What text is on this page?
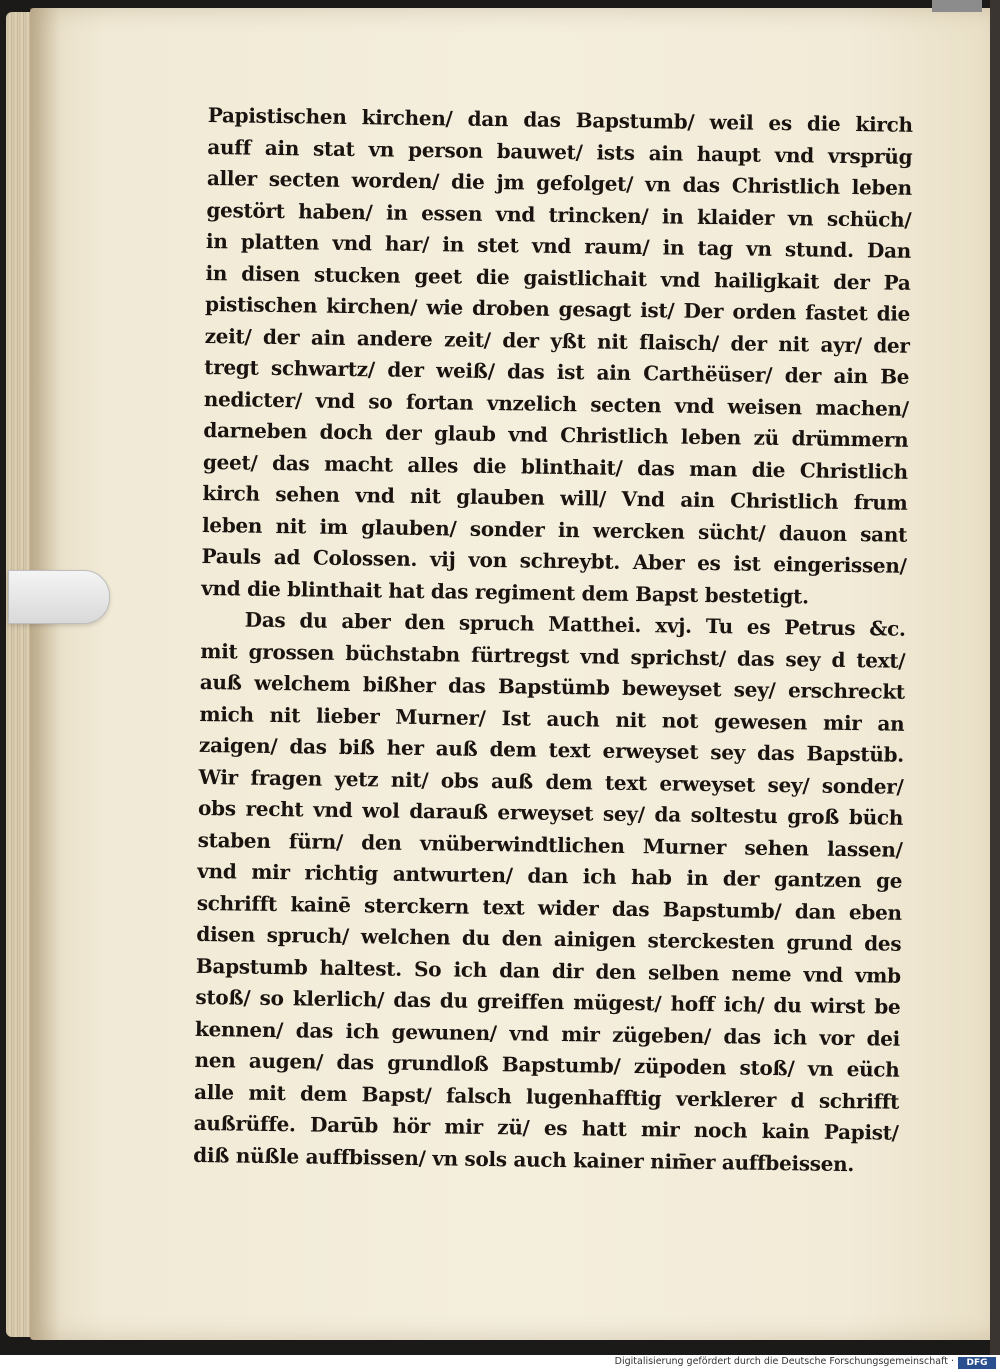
Papistischen kirchen/ dan das Bapstumb/ weil es die kirch
auff ain stat vn person bauwet/ ists ain haupt vnd vrsprüg
aller secten worden/ die jm gefolget/ vn das Christlich leben
gestört haben/ in essen vnd trincken/ in klaider vn schüch/
in platten vnd har/ in stet vnd raum/ in tag vn stund. Dan
in disen stucken geet die gaistlichait vnd hailigkait der Pa
pistischen kirchen/ wie droben gesagt ist/ Der orden fastet die
zeit/ der ain andere zeit/ der yßt nit flaisch/ der nit ayr/ der
tregt schwartz/ der weiß/ das ist ain Carthëüser/ der ain Be
nedicter/ vnd so fortan vnzelich secten vnd weisen machen/
darneben doch der glaub vnd Christlich leben zü drümmern
geet/ das macht alles die blinthait/ das man die Christlich
kirch sehen vnd nit glauben will/ Vnd ain Christlich frum
leben nit im glauben/ sonder in wercken sücht/ dauon sant
Pauls ad Colossen. vij von schreybt. Aber es ist eingerissen/
vnd die blinthait hat das regiment dem Bapst bestetigt.
Das du aber den spruch Matthei. xvj. Tu es Petrus &c.
mit grossen büchstabn fürtregst vnd sprichst/ das sey d text/
auß welchem bißher das Bapstümb beweyset sey/ erschreckt
mich nit lieber Murner/ Ist auch nit not gewesen mir an
zaigen/ das biß her auß dem text erweyset sey das Bapstüb.
Wir fragen yetz nit/ obs auß dem text erweyset sey/ sonder/
obs recht vnd wol darauß erweyset sey/ da soltestu groß büch
staben fürn/ den vnüberwindtlichen Murner sehen lassen/
vnd mir richtig antwurten/ dan ich hab in der gantzen ge
schrifft kainē sterckern text wider das Bapstumb/ dan eben
disen spruch/ welchen du den ainigen sterckesten grund des
Bapstumb haltest. So ich dan dir den selben neme vnd vmb
stoß/ so klerlich/ das du greiffen mügest/ hoff ich/ du wirst be
kennen/ das ich gewunen/ vnd mir zügeben/ das ich vor dei
nen augen/ das grundloß Bapstumb/ züpoden stoß/ vn eüch
alle mit dem Bapst/ falsch lugenhafftig verklerer d schrifft
außrüffe. Darūb hör mir zü/ es hatt mir noch kain Papist/
diß nüßle auffbissen/ vn sols auch kainer nim̄er auffbeissen.
Digitalisierung gefördert durch die Deutsche Forschungsgemeinschaft ·	DFG
